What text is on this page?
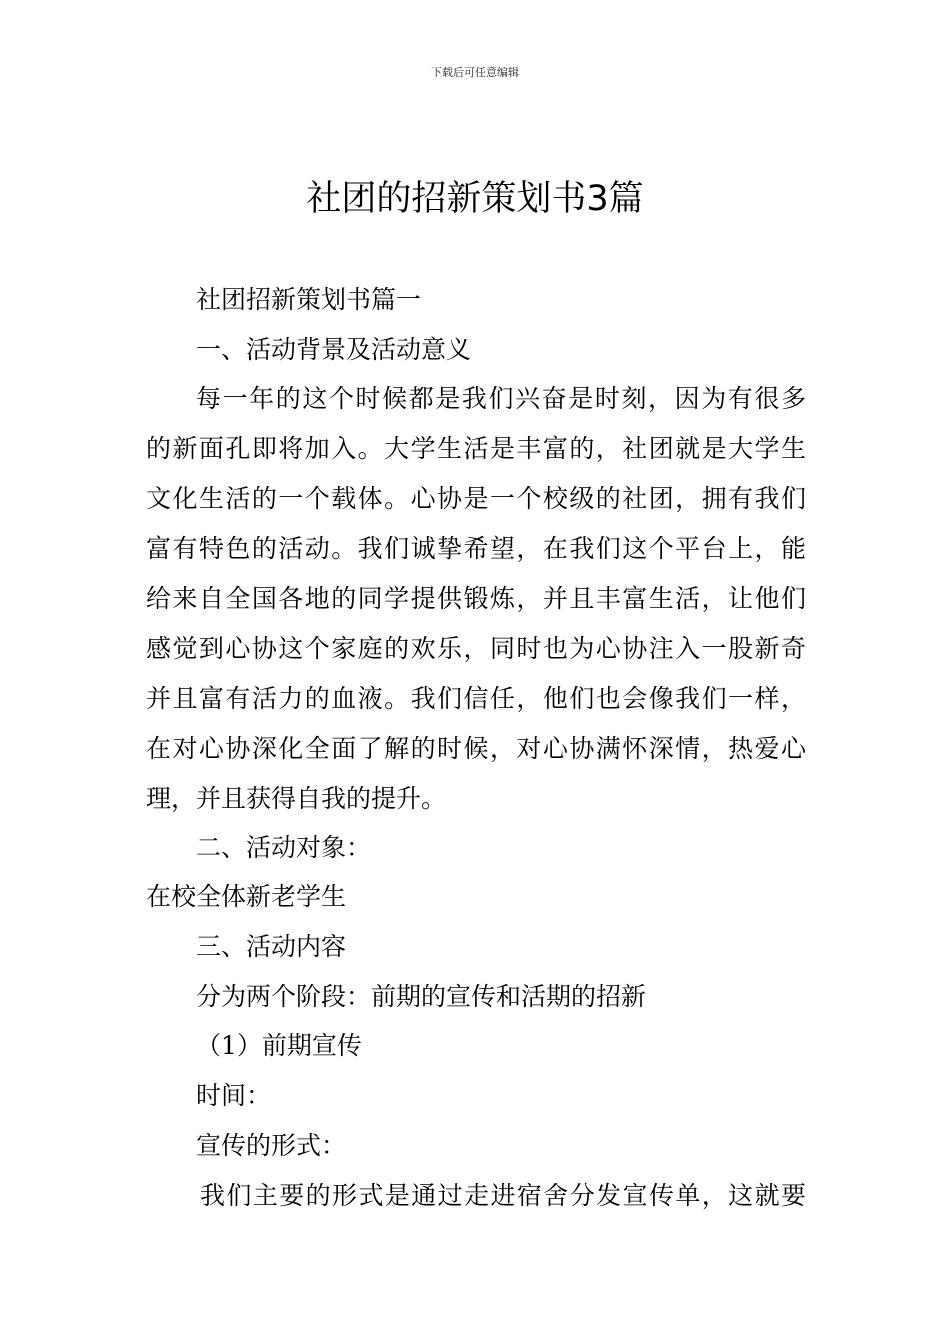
下载后可任意编辑
社团的招新策划书3篇
社团招新策划书篇一
一、活动背景及活动意义
每一年的这个时候都是我们兴奋是时刻，因为有很多
的新面孔即将加入。大学生活是丰富的，社团就是大学生
文化生活的一个载体。心协是一个校级的社团，拥有我们
富有特色的活动。我们诚挚希望，在我们这个平台上，能
给来自全国各地的同学提供锻炼，并且丰富生活，让他们
感觉到心协这个家庭的欢乐，同时也为心协注入一股新奇
并且富有活力的血液。我们信任，他们也会像我们一样，
在对心协深化全面了解的时候，对心协满怀深情，热爱心
理，并且获得自我的提升。
二、活动对象：
在校全体新老学生
三、活动内容
分为两个阶段：前期的宣传和活期的招新
（1）前期宣传
时间：
宣传的形式：
我们主要的形式是通过走进宿舍分发宣传单，这就要
